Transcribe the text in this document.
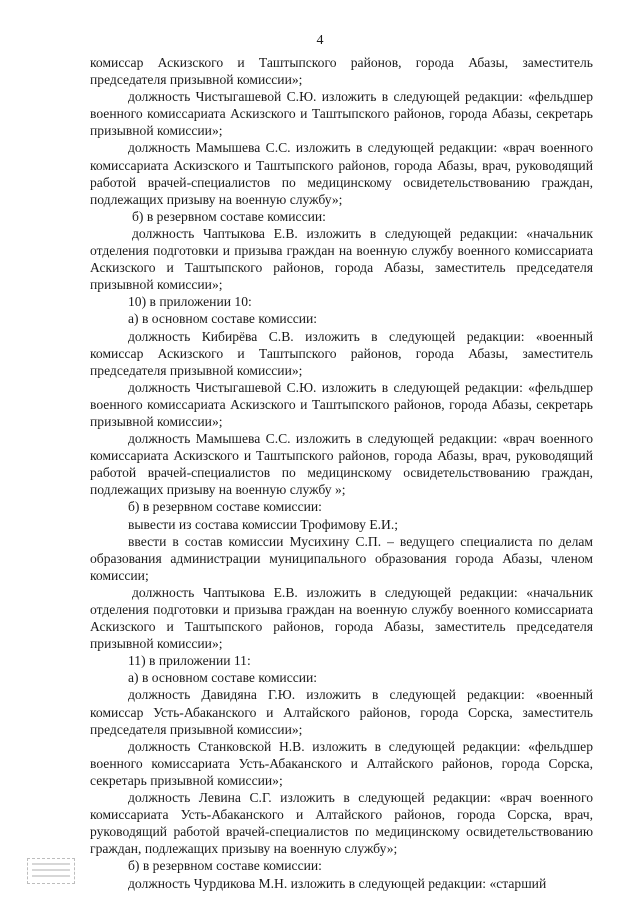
4

комиссар Аскизского и Таштыпского районов, города Абазы, заместитель председателя призывной комиссии»;

должность Чистыгашевой С.Ю. изложить в следующей редакции: «фельдшер военного комиссариата Аскизского и Таштыпского районов, города Абазы, секретарь призывной комиссии»;

должность Мамышева С.С. изложить в следующей редакции: «врач военного комиссариата Аскизского и Таштыпского районов, города Абазы, врач, руководящий работой врачей-специалистов по медицинскому освидетельствованию граждан, подлежащих призыву на военную службу»;

б) в резервном составе комиссии:

должность Чаптыкова Е.В. изложить в следующей редакции: «начальник отделения подготовки и призыва граждан на военную службу военного комиссариата Аскизского и Таштыпского районов, города Абазы, заместитель председателя призывной комиссии»;

10) в приложении 10:

а) в основном составе комиссии:

должность Кибирёва С.В. изложить в следующей редакции: «военный комиссар Аскизского и Таштыпского районов, города Абазы, заместитель председателя призывной комиссии»;

должность Чистыгашевой С.Ю. изложить в следующей редакции: «фельдшер военного комиссариата Аскизского и Таштыпского районов, города Абазы, секретарь призывной комиссии»;

должность Мамышева С.С. изложить в следующей редакции: «врач военного комиссариата Аскизского и Таштыпского районов, города Абазы, врач, руководящий работой врачей-специалистов по медицинскому освидетельствованию граждан, подлежащих призыву на военную службу »;

б) в резервном составе комиссии:

вывести из состава комиссии Трофимову Е.И.;

ввести в состав комиссии Мусихину С.П. – ведущего специалиста по делам образования администрации муниципального образования города Абазы, членом комиссии;

должность Чаптыкова Е.В. изложить в следующей редакции: «начальник отделения подготовки и призыва граждан на военную службу военного комиссариата Аскизского и Таштыпского районов, города Абазы, заместитель председателя призывной комиссии»;

11) в приложении 11:

а) в основном составе комиссии:

должность Давидяна Г.Ю. изложить в следующей редакции: «военный комиссар Усть-Абаканского и Алтайского районов, города Сорска, заместитель председателя призывной комиссии»;

должность Станковской Н.В. изложить в следующей редакции: «фельдшер военного комиссариата Усть-Абаканского и Алтайского районов, города Сорска, секретарь призывной комиссии»;

должность Левина С.Г. изложить в следующей редакции: «врач военного комиссариата Усть-Абаканского и Алтайского районов, города Сорска, врач, руководящий работой врачей-специалистов по медицинскому освидетельствованию граждан, подлежащих призыву на военную службу»;

б) в резервном составе комиссии:

должность Чурдикова М.Н. изложить в следующей редакции: «старший
